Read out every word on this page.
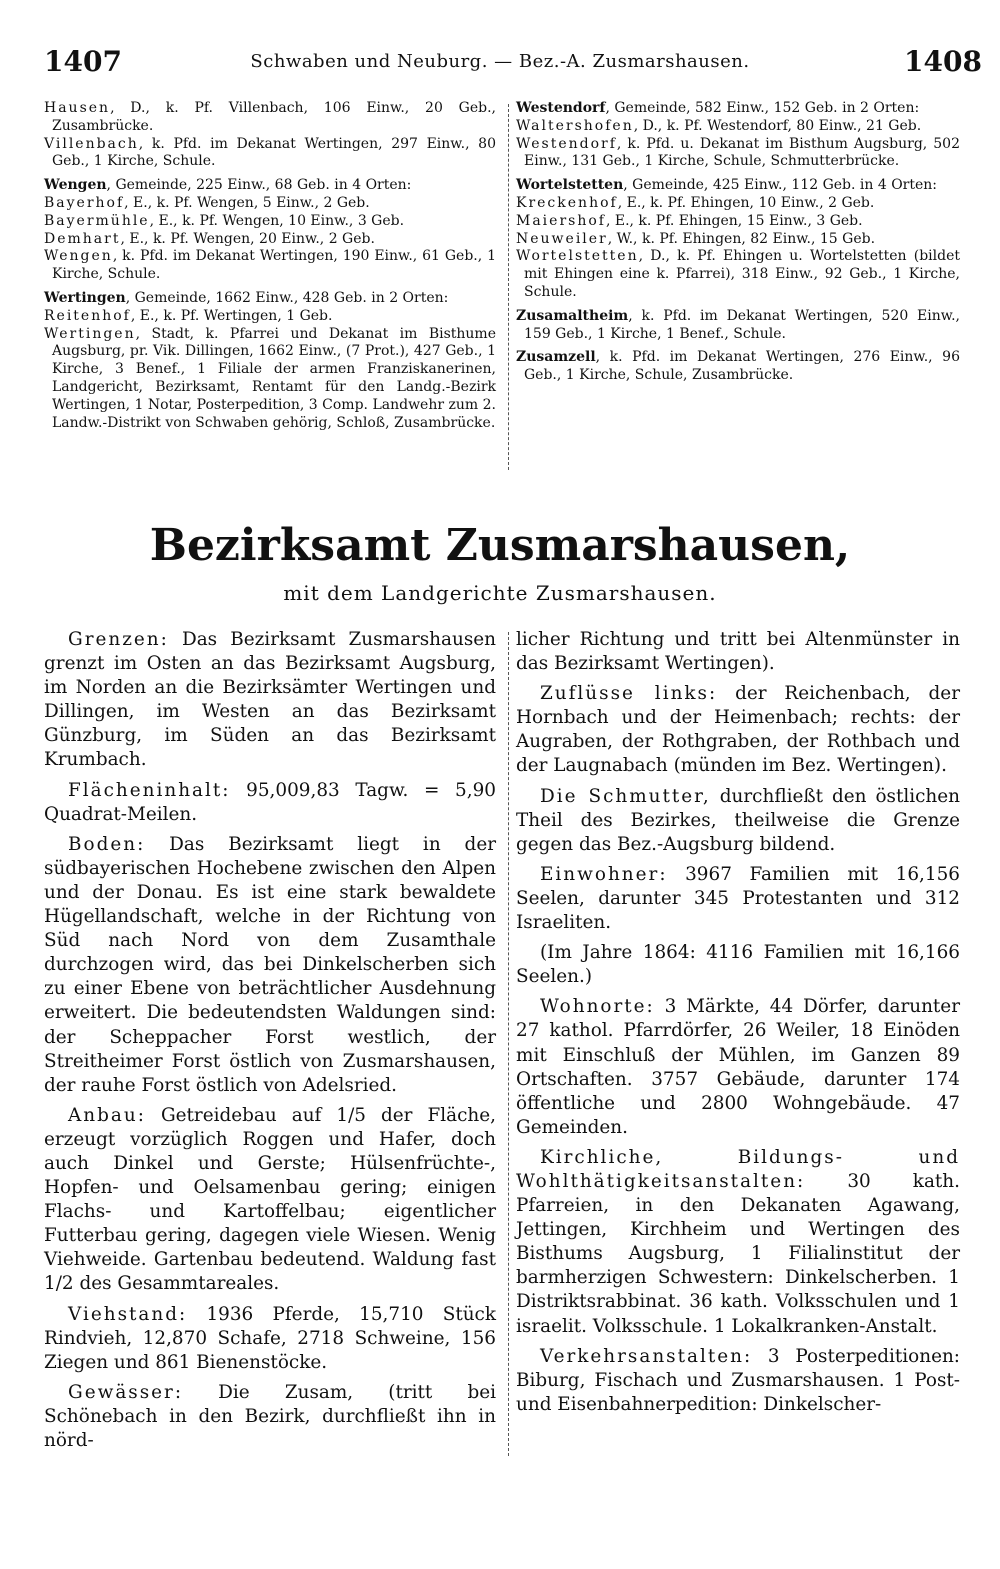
1407	Schwaben und Neuburg. — Bez.-A. Zusmarshausen.	1408

Hausen, D., k. Pf. Villenbach, 106 Einw., 20 Geb., Zusambrücke.

Villenbach, k. Pfd. im Dekanat Wertingen, 297 Einw., 80 Geb., 1 Kirche, Schule.

Wengen, Gemeinde, 225 Einw., 68 Geb. in 4 Orten:

Bayerhof, E., k. Pf. Wengen, 5 Einw., 2 Geb.

Bayermühle, E., k. Pf. Wengen, 10 Einw., 3 Geb.

Demhart, E., k. Pf. Wengen, 20 Einw., 2 Geb.

Wengen, k. Pfd. im Dekanat Wertingen, 190 Einw., 61 Geb., 1 Kirche, Schule.

Wertingen, Gemeinde, 1662 Einw., 428 Geb. in 2 Orten:

Reitenhof, E., k. Pf. Wertingen, 1 Geb.

Wertingen, Stadt, k. Pfarrei und Dekanat im Bisthume Augsburg, pr. Vik. Dillingen, 1662 Einw., (7 Prot.), 427 Geb., 1 Kirche, 3 Benef., 1 Filiale der armen Franziskanerinen, Landgericht, Bezirksamt, Rentamt für den Landg.-Bezirk Wertingen, 1 Notar, Posterpedition, 3 Comp. Landwehr zum 2. Landw.-Distrikt von Schwaben gehörig, Schloß, Zusambrücke.

Westendorf, Gemeinde, 582 Einw., 152 Geb. in 2 Orten:

Waltershofen, D., k. Pf. Westendorf, 80 Einw., 21 Geb.

Westendorf, k. Pfd. u. Dekanat im Bisthum Augsburg, 502 Einw., 131 Geb., 1 Kirche, Schule, Schmutterbrücke.

Wortelstetten, Gemeinde, 425 Einw., 112 Geb. in 4 Orten:

Kreckenhof, E., k. Pf. Ehingen, 10 Einw., 2 Geb.

Maiershof, E., k. Pf. Ehingen, 15 Einw., 3 Geb.

Neuweiler, W., k. Pf. Ehingen, 82 Einw., 15 Geb.

Wortelstetten, D., k. Pf. Ehingen u. Wortelstetten (bildet mit Ehingen eine k. Pfarrei), 318 Einw., 92 Geb., 1 Kirche, Schule.

Zusamaltheim, k. Pfd. im Dekanat Wertingen, 520 Einw., 159 Geb., 1 Kirche, 1 Benef., Schule.

Zusamzell, k. Pfd. im Dekanat Wertingen, 276 Einw., 96 Geb., 1 Kirche, Schule, Zusambrücke.

Bezirksamt Zusmarshausen,
mit dem Landgerichte Zusmarshausen.

Grenzen: Das Bezirksamt Zusmarshausen grenzt im Osten an das Bezirksamt Augsburg, im Norden an die Bezirksämter Wertingen und Dillingen, im Westen an das Bezirksamt Günzburg, im Süden an das Bezirksamt Krumbach.

Flächeninhalt: 95,009,83 Tagw. = 5,90 Quadrat-Meilen.

Boden: Das Bezirksamt liegt in der südbayerischen Hochebene zwischen den Alpen und der Donau. Es ist eine stark bewaldete Hügellandschaft, welche in der Richtung von Süd nach Nord von dem Zusamthale durchzogen wird, das bei Dinkelscherben sich zu einer Ebene von beträchtlicher Ausdehnung erweitert. Die bedeutendsten Waldungen sind: der Scheppacher Forst westlich, der Streitheimer Forst östlich von Zusmarshausen, der rauhe Forst östlich von Adelsried.

Anbau: Getreidebau auf 1/5 der Fläche, erzeugt vorzüglich Roggen und Hafer, doch auch Dinkel und Gerste; Hülsenfrüchte-, Hopfen- und Oelsamenbau gering; einigen Flachs- und Kartoffelbau; eigentlicher Futterbau gering, dagegen viele Wiesen. Wenig Viehweide. Gartenbau bedeutend. Waldung fast 1/2 des Gesammtareales.

Viehstand: 1936 Pferde, 15,710 Stück Rindvieh, 12,870 Schafe, 2718 Schweine, 156 Ziegen und 861 Bienenstöcke.

Gewässer: Die Zusam, (tritt bei Schönebach in den Bezirk, durchfließt ihn in nörd-

licher Richtung und tritt bei Altenmünster in das Bezirksamt Wertingen).

Zuflüsse links: der Reichenbach, der Hornbach und der Heimenbach; rechts: der Augraben, der Rothgraben, der Rothbach und der Laugnabach (münden im Bez. Wertingen).

Die Schmutter, durchfließt den östlichen Theil des Bezirkes, theilweise die Grenze gegen das Bez.-Augsburg bildend.

Einwohner: 3967 Familien mit 16,156 Seelen, darunter 345 Protestanten und 312 Israeliten.

(Im Jahre 1864: 4116 Familien mit 16,166 Seelen.)

Wohnorte: 3 Märkte, 44 Dörfer, darunter 27 kathol. Pfarrdörfer, 26 Weiler, 18 Einöden mit Einschluß der Mühlen, im Ganzen 89 Ortschaften. 3757 Gebäude, darunter 174 öffentliche und 2800 Wohngebäude. 47 Gemeinden.

Kirchliche, Bildungs- und Wohlthätigkeitsanstalten: 30 kath. Pfarreien, in den Dekanaten Agawang, Jettingen, Kirchheim und Wertingen des Bisthums Augsburg, 1 Filialinstitut der barmherzigen Schwestern: Dinkelscherben. 1 Distriktsrabbinat. 36 kath. Volksschulen und 1 israelit. Volksschule. 1 Lokalkranken-Anstalt.

Verkehrsanstalten: 3 Posterpeditionen: Biburg, Fischach und Zusmarshausen. 1 Post- und Eisenbahnerpedition: Dinkelscher-
